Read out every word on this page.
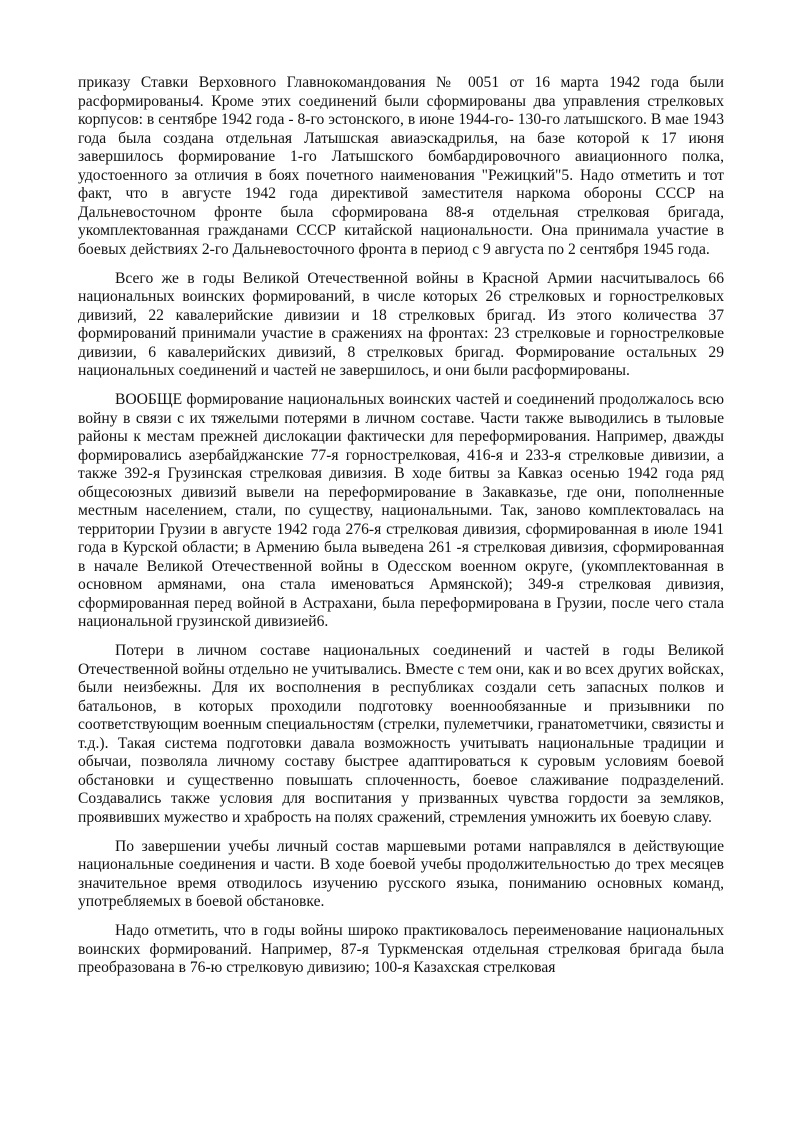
приказу Ставки Верховного Главнокомандования № 0051 от 16 марта 1942 года были расформированы4. Кроме этих соединений были сформированы два управления стрелковых корпусов: в сентябре 1942 года - 8-го эстонского, в июне 1944-го- 130-го латышского. В мае 1943 года была создана отдельная Латышская авиаэскадрилья, на базе которой к 17 июня завершилось формирование 1-го Латышского бомбардировочного авиационного полка, удостоенного за отличия в боях почетного наименования "Режицкий"5. Надо отметить и тот факт, что в августе 1942 года директивой заместителя наркома обороны СССР на Дальневосточном фронте была сформирована 88-я отдельная стрелковая бригада, укомплектованная гражданами СССР китайской национальности. Она принимала участие в боевых действиях 2-го Дальневосточного фронта в период с 9 августа по 2 сентября 1945 года.

Всего же в годы Великой Отечественной войны в Красной Армии насчитывалось 66 национальных воинских формирований, в числе которых 26 стрелковых и горнострелковых дивизий, 22 кавалерийские дивизии и 18 стрелковых бригад. Из этого количества 37 формирований принимали участие в сражениях на фронтах: 23 стрелковые и горнострелковые дивизии, 6 кавалерийских дивизий, 8 стрелковых бригад. Формирование остальных 29 национальных соединений и частей не завершилось, и они были расформированы.

ВООБЩЕ формирование национальных воинских частей и соединений продолжалось всю войну в связи с их тяжелыми потерями в личном составе. Части также выводились в тыловые районы к местам прежней дислокации фактически для переформирования. Например, дважды формировались азербайджанские 77-я горнострелковая, 416-я и 233-я стрелковые дивизии, а также 392-я Грузинская стрелковая дивизия. В ходе битвы за Кавказ осенью 1942 года ряд общесоюзных дивизий вывели на переформирование в Закавказье, где они, пополненные местным населением, стали, по существу, национальными. Так, заново комплектовалась на территории Грузии в августе 1942 года 276-я стрелковая дивизия, сформированная в июле 1941 года в Курской области; в Армению была выведена 261 -я стрелковая дивизия, сформированная в начале Великой Отечественной войны в Одесском военном округе, (укомплектованная в основном армянами, она стала именоваться Армянской); 349-я стрелковая дивизия, сформированная перед войной в Астрахани, была переформирована в Грузии, после чего стала национальной грузинской дивизией6.

Потери в личном составе национальных соединений и частей в годы Великой Отечественной войны отдельно не учитывались. Вместе с тем они, как и во всех других войсках, были неизбежны. Для их восполнения в республиках создали сеть запасных полков и батальонов, в которых проходили подготовку военнообязанные и призывники по соответствующим военным специальностям (стрелки, пулеметчики, гранатометчики, связисты и т.д.). Такая система подготовки давала возможность учитывать национальные традиции и обычаи, позволяла личному составу быстрее адаптироваться к суровым условиям боевой обстановки и существенно повышать сплоченность, боевое слаживание подразделений. Создавались также условия для воспитания у призванных чувства гордости за земляков, проявивших мужество и храбрость на полях сражений, стремления умножить их боевую славу.

По завершении учебы личный состав маршевыми ротами направлялся в действующие национальные соединения и части. В ходе боевой учебы продолжительностью до трех месяцев значительное время отводилось изучению русского языка, пониманию основных команд, употребляемых в боевой обстановке.

Надо отметить, что в годы войны широко практиковалось переименование национальных воинских формирований. Например, 87-я Туркменская отдельная стрелковая бригада была преобразована в 76-ю стрелковую дивизию; 100-я Казахская стрелковая
